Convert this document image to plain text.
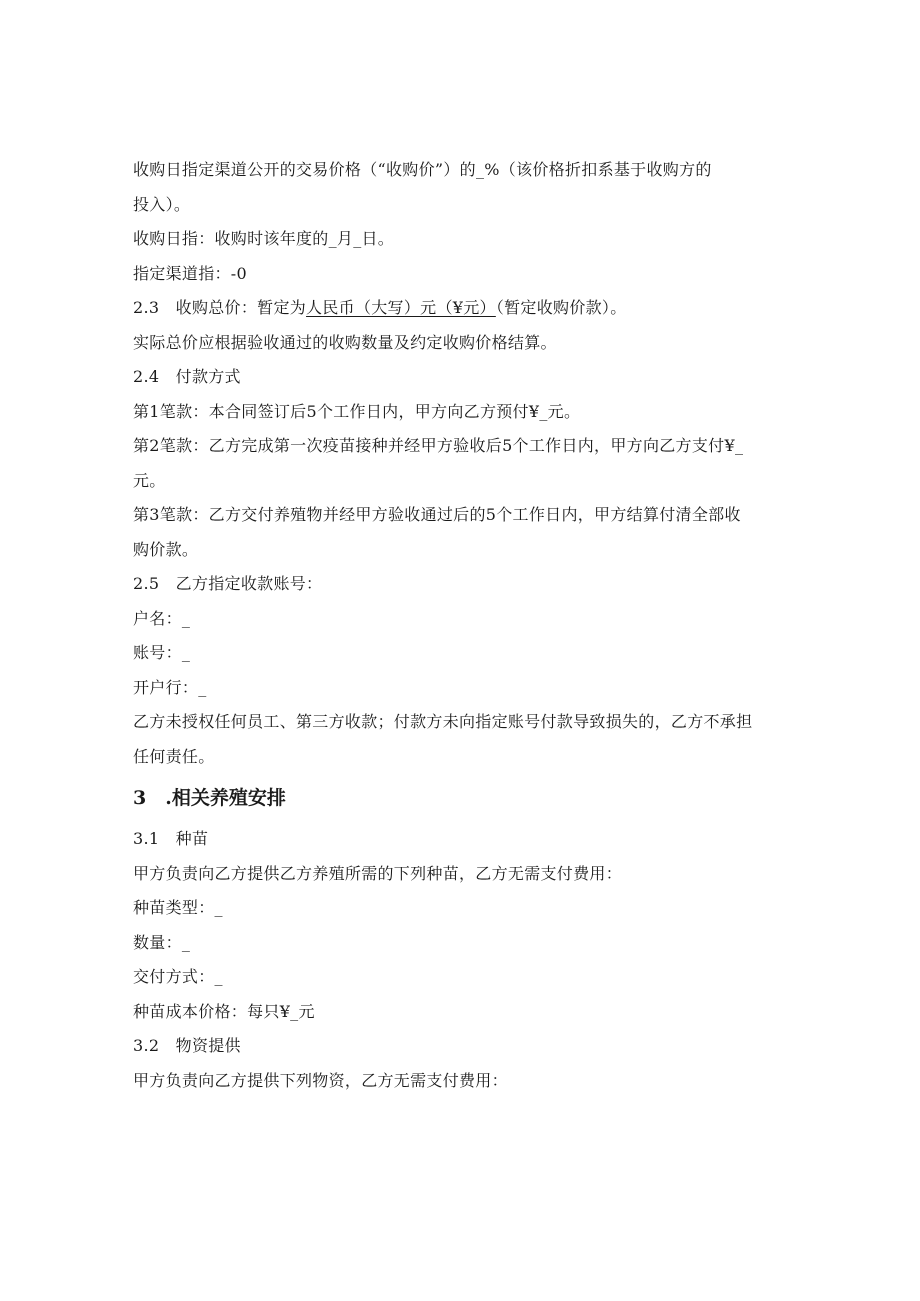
收购日指定渠道公开的交易价格（“收购价”）的_%（该价格折扣系基于收购方的
投入）。
收购日指：收购时该年度的_月_日。
指定渠道指：-0
2.3　收购总价：暂定为人民币（大写）元（¥元）（暂定收购价款）。
实际总价应根据验收通过的收购数量及约定收购价格结算。
2.4　付款方式
第1笔款：本合同签订后5个工作日内，甲方向乙方预付¥_元。
第2笔款：乙方完成第一次疫苗接种并经甲方验收后5个工作日内，甲方向乙方支付¥_
元。
第3笔款：乙方交付养殖物并经甲方验收通过后的5个工作日内，甲方结算付清全部收
购价款。
2.5　乙方指定收款账号：
户名：_
账号：_
开户行：_
乙方未授权任何员工、第三方收款；付款方未向指定账号付款导致损失的，乙方不承担
任何责任。
3　.相关养殖安排
3.1　种苗
甲方负责向乙方提供乙方养殖所需的下列种苗，乙方无需支付费用：
种苗类型：_
数量：_
交付方式：_
种苗成本价格：每只¥_元
3.2　物资提供
甲方负责向乙方提供下列物资，乙方无需支付费用：
